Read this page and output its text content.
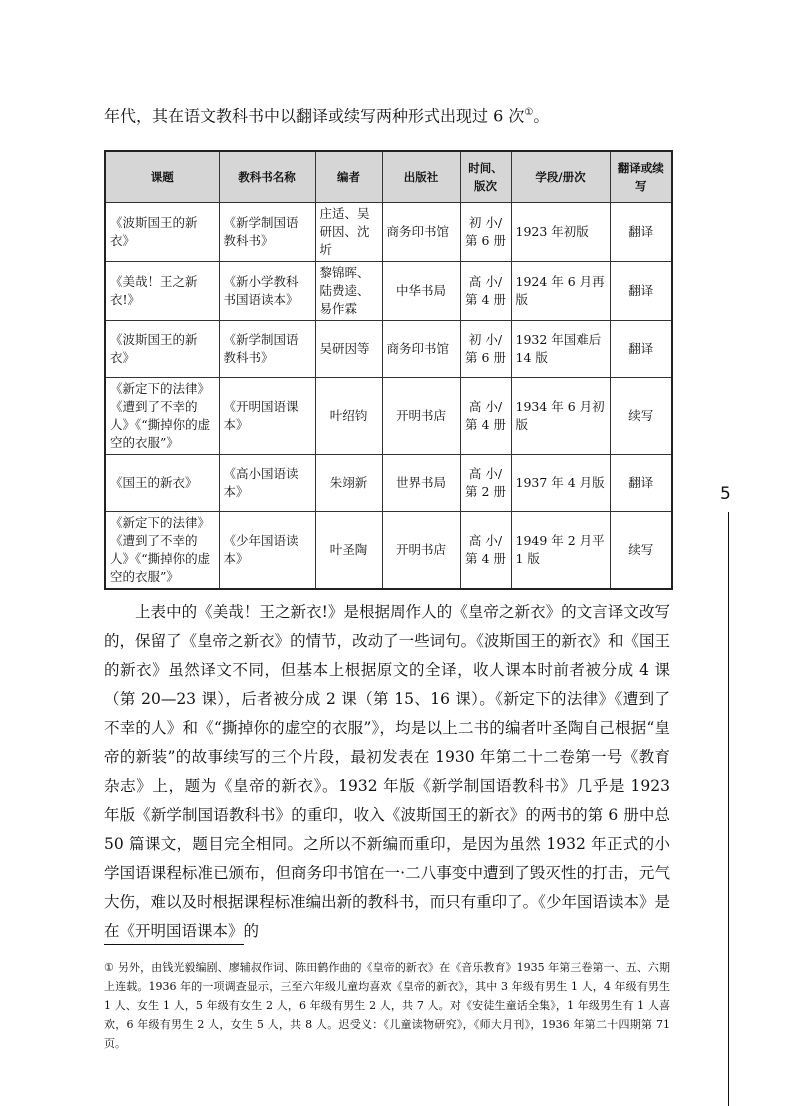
年代，其在语文教科书中以翻译或续写两种形式出现过 6 次①。
课题	教科书名称	编者	出版社	时间、版次	学段/册次	翻译或续写
《波斯国王的新衣》	《新学制国语教科书》	庄适、吴研因、沈圻	商务印书馆	初 小/第 6 册	1923 年初版	翻译
《美哉！王之新衣!》	《新小学教科书国语读本》	黎锦晖、陆费逵、易作霖	中华书局	高 小/第 4 册	1924 年 6 月再版	翻译
《波斯国王的新衣》	《新学制国语教科书》	吴研因等	商务印书馆	初 小/第 6 册	1932 年国难后 14 版	翻译
《新定下的法律》《遭到了不幸的人》《“撕掉你的虚空的衣服”》	《开明国语课本》	叶绍钧	开明书店	高 小/第 4 册	1934 年 6 月初版	续写
《国王的新衣》	《高小国语读本》	朱翊新	世界书局	高 小/第 2 册	1937 年 4 月版	翻译
《新定下的法律》《遭到了不幸的人》《“撕掉你的虚空的衣服”》	《少年国语读本》	叶圣陶	开明书店	高 小/第 4 册	1949 年 2 月平 1 版	续写

上表中的《美哉！王之新衣!》是根据周作人的《皇帝之新衣》的文言译文改写的，保留了《皇帝之新衣》的情节，改动了一些词句。《波斯国王的新衣》和《国王的新衣》虽然译文不同，但基本上根据原文的全译，收人课本时前者被分成 4 课（第 20—23 课），后者被分成 2 课（第 15、16 课）。《新定下的法律》《遭到了不幸的人》和《“撕掉你的虚空的衣服”》，均是以上二书的编者叶圣陶自己根据“皇帝的新装”的故事续写的三个片段，最初发表在 1930 年第二十二卷第一号《教育杂志》上，题为《皇帝的新衣》。1932 年版《新学制国语教科书》几乎是 1923 年版《新学制国语教科书》的重印，收入《波斯国王的新衣》的两书的第 6 册中总 50 篇课文，题目完全相同。之所以不新编而重印，是因为虽然 1932 年正式的小学国语课程标准已颁布，但商务印书馆在一·二八事变中遭到了毁灭性的打击，元气大伤，难以及时根据课程标准编出新的教科书，而只有重印了。《少年国语读本》是在《开明国语课本》的

① 另外，由钱光毅编剧、廖辅叔作词、陈田鹤作曲的《皇帝的新衣》在《音乐教育》1935 年第三卷第一、五、六期上连载。1936 年的一项调查显示，三至六年级儿童均喜欢《皇帝的新衣》，其中 3 年级有男生 1 人，4 年级有男生 1 人、女生 1 人，5 年级有女生 2 人，6 年级有男生 2 人，共 7 人。对《安徒生童话全集》，1 年级男生有 1 人喜欢，6 年级有男生 2 人，女生 5 人，共 8 人。迟受义：《儿童读物研究》，《师大月刊》，1936 年第二十四期第 71 页。
5
